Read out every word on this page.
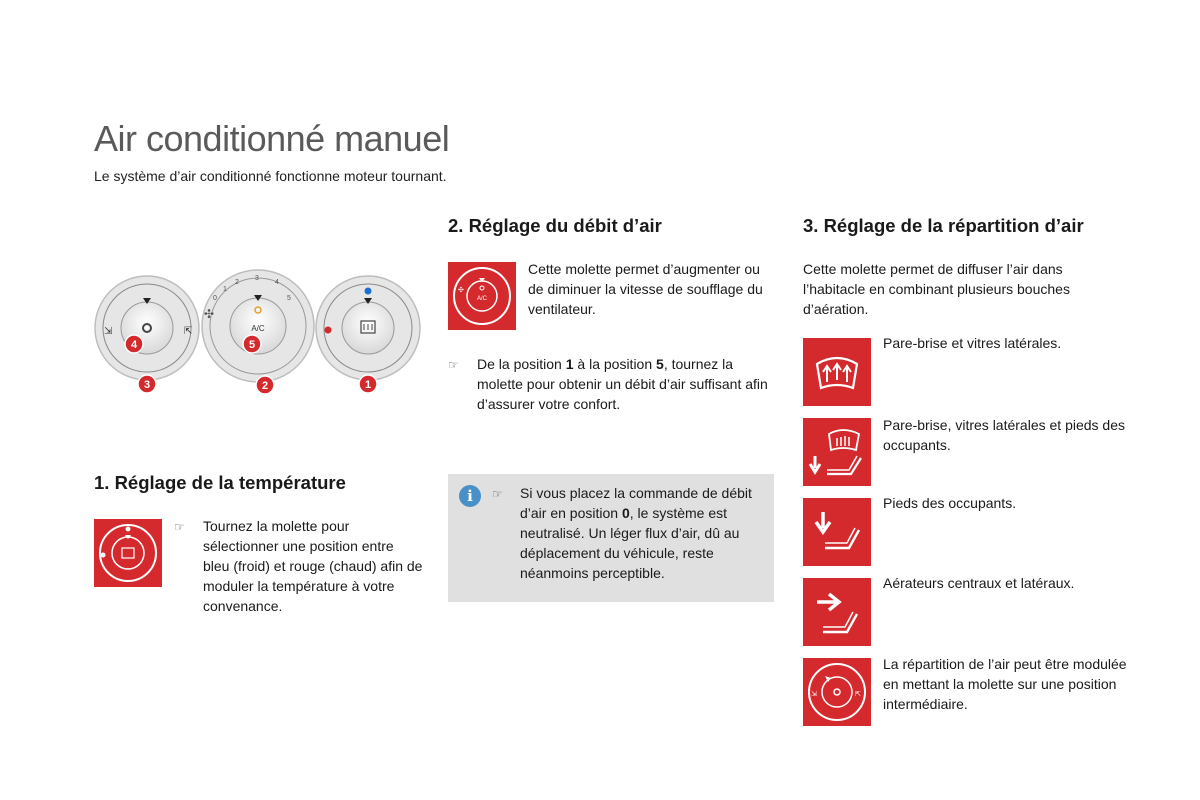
Air conditionné manuel
Le système d’air conditionné fonctionne moteur tournant.
⇲	⇱
4
3
A/C
0
1
2
3
4
5
✣
5
2	1
1. Réglage de la température
☞ Tournez la molette pour sélectionner une position entre bleu (froid) et rouge (chaud) afin de moduler la température à votre convenance.
2. Réglage du débit d’air
A/C
✣
Cette molette permet d’augmenter ou de diminuer la vitesse de soufflage du ventilateur.
☞ De la position 1 à la position 5, tournez la molette pour obtenir un débit d’air suffisant afin d’assurer votre confort.
i	☞ Si vous placez la commande de débit d’air en position 0, le système est neutralisé. Un léger flux d’air, dû au déplacement du véhicule, reste néanmoins perceptible.
3. Réglage de la répartition d’air
Cette molette permet de diffuser l’air dans l’habitacle en combinant plusieurs bouches d’aération.
Pare-brise et vitres latérales.
Pare-brise, vitres latérales et pieds des occupants.
Pieds des occupants.
Aérateurs centraux et latéraux.
⇲	⇱
La répartition de l’air peut être modulée en mettant la molette sur une position intermédiaire.
